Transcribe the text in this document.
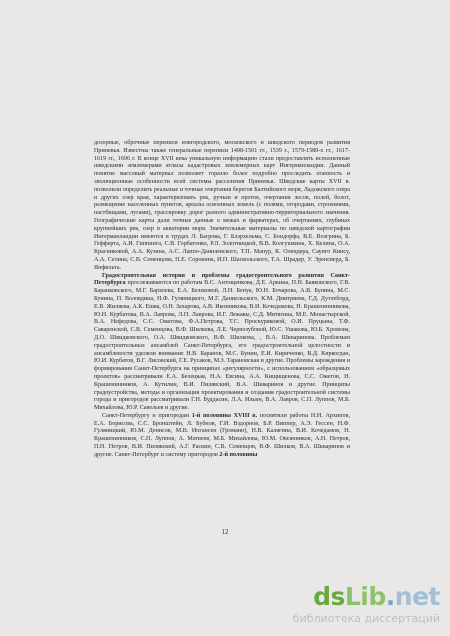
дозорные, оброчные переписи новгородского, московского и шведского периодов развития Приневья. Известны также генеральные переписи 1498-1501 гг., 1539 г., 1579-1580-х гг., 1617-1619 гг., 1696 г. В конце XVII века уникальную информацию стали предоставлять исполненные шведскими землемерами атласы кадастровых землемерных карт Ингерманландии. Данный понятие массовый материал позволяет горазло более подробно проследить этапность и эволюционные особенности всей системы расселения Приневья. Шведские карты XVII в. позволили определить реальные и точные очертания берегов Балтийского моря, Ладожского озера и других озер края, характеризовать рек, ручьев и проток, очертания лесов, полей, болот, размещение населенных пунктов, ареалы освоенных земель (с полями, огородами, строениями, пастбищами, лугами), трассировку дорог разного административно-территориального значения. Географические карты дали точные данные о межах и фарватерах, об очертаниях, глубинах крупнейших рек, озер в акватории моря. Значительные материалы по шведской картографии Ингерманландии имеются в трудах Л. Багрова, Г. Блэрхельма, С. Бондорфа, В.Е. Возгрина, Б. Гефферта, А.И. Гиппинга, С.В. Горбатенко, Р.Л. Золотницкой, В.В. Колгушкина, Х. Келина, О.А. Красниковой, А.А. Кузина, А.С. Лаппо-Данилевского, Т.П. Мапур, К. Олендера, Саунго Кинсу, А.А. Селина, С.В. Семенцова, П.Е. Сорокина, И.П. Шаскольского, Т.А. Шрадер, У. Эренсверд, Б. Янфильта.

Градостроительная история и проблемы градостроительного развития Санкт-Петербурга прослеживаются по работам В.С. Антощенкова, Д.Е. Аркина, П.Н. Баяковского, Г.В. Баранковского, М.Г. Бархоева, Е.А. Белековой, Л.Н. Бенуа, Ю.Н. Бочарова, А.В. Бунина, М.С. Бунина, П. Воловдина, Н.Ф. Гуляницкого, М.Г. Даниельского, К.М. Дмитриева, Г.Д. Дутлеборд, Е.В. Жиляева, А.К. Ешва, О.Н. Захарова, А.В. Иконникова, В.И. Кочедамова, Н. Крашенинникова, Ю.Н. Курбатова, В.А. Лаврова, Л.П. Лаврова, И.Г. Лежавы, С.Д. Митягина, М.Е. Монастырской, В.А. Нефедова, С.С. Ожегова, Ф.А.Петрова, Т.С. Проскуряковой, О.И. Пруцына, Т.Ф. Саваренской, С.В. Семенцова, В.Ф. Шилкова, Л.Е. Чернозубовой, Ю.С. Ушакова, Ю.Б. Хромова, Д.О. Швидковского, О.А. Швидковского, В.Ф. Шилкова, , В.А. Шкваринова. Проблемам градостроительных ансамблей Санкт-Петербурга, его градостроительной целостности и ансамблевости уделяли внимание Н.В. Баранов, М.С. Бунин, Е.И. Кириченко, В.Д. Киркогдан, Ю.И. Курбатов, В.Г. Лисовский, Г.Е. Русаков, М.З. Тарановская и другие. Проблемы зарождения и формирования Санкт-Петербурга на принципах «регулярности», с использованием «образцовых проектов» рассматривали Е.А. Белецкая, Н.А. Евсина, А.А. Кищищенова, С.С. Ожегов, Н. Крашенинников, А. Кутилин, В.И. Пилявский, В.А. Шкваринов и другие. Принципы градоустройства, методы и организация проектирования и создания градостроительной системы города и пригородов рассматривали Г.Н. Буддасин, Л.А. Ильин, В.А. Лавров, С.П. Луппов, М.Б. Михайлова, Ю.Р. Савельев и другие.

Санкт-Петербургу и пригородам 1-й половины XVIII в. посвятили работы Н.И. Архипов, Е.А. Борисова, С.С. Бронштейн, Л. Бубнов, Г.И. Вздорнов, Б.Р. Виппер, А.Э. Гессен, Н.Ф. Гуляницкий, Ю.М. Денисов, М.В. Иогансен (Громанн), Н.В. Калягина, В.И. Кочедамов, Н. Крашенинников, С.П. Луппов, А. Матвеев, М.Б. Михайлова, Ю.М. Овсянников, А.Н. Петров, П.Н. Петров, В.И. Пилявский, А.Г. Раскин, С.В. Семенцов, В.Ф. Шилков, В.А. Шкваринов и другие. Санкт-Петербург и систему пригородов 2-й половины

12
dsLib.net
библиотека диссертаций
